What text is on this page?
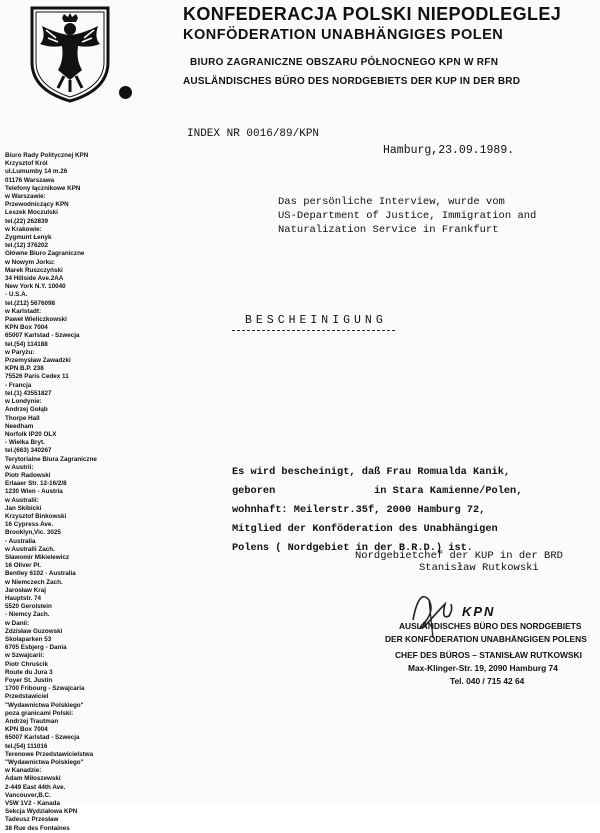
KONFEDERACJA POLSKI NIEPODLEGLEJ
KONFÖDERATION UNABHÄNGIGES POLEN
BIURO ZAGRANICZNE OBSZARU PÓŁNOCNEGO KPN W RFN
AUSLÄNDISCHES BÜRO DES NORDGEBIETS DER KUP IN DER BRD
INDEX NR 0016/89/KPN
Hamburg,23.09.1989.
Biuro Rady Politycznej KPN
Krzysztof Król
ul.Lumumby 14 m.26
01176 Warszawa
Telefony łącznikowe KPN
w Warszawie:
Przewodniczący KPN
Leszek Moczulski
tel.(22) 262839
w Krakowie:
Zygmunt Łenyk
tel.(12) 376202
Główne Biuro Zagraniczne
w Nowym Jorku:
Marek Ruszczyński
34 Hillside Ave.2AA
New York N.Y. 10040
- U.S.A.
tel.(212) 5676098
w Karlstadt:
Paweł Wieliczkowski
KPN Box 7004
65007 Karlstad - Szwecja
tel.(54) 114188
w Paryżu:
Przemysław Zawadzki
KPN B.P. 238
75526 Paris Cedex 11
- Francja
tel.(1) 43551827
w Londynie:
Andrzej Gołąb
Thorpe Hall
Needham
Norfolk IP20 OLX
- Wielka Bryt.
tel.(663) 340267
Terytorialne Biura Zagraniczne
w Austrii:
Piotr Radowski
Erlaaer Str. 12-16/2/8
1230 Wien - Austria
w Australii:
Jan Skibicki
Krzysztof Binkowski
16 Cypress Ave.
Brooklyn,Vic. 3025
- Australia
w Australii Zach.
Sławomir Mikielewicz
16 Oliver Pl.
Bentley 6102 - Australia
w Niemczech Zach.
Jarosław Kraj
Hauptstr. 74
5520 Gerolstein
- Niemcy Zach.
w Danii:
Zdzisław Guzowski
Skolaparken 53
6705 Esbjerg - Dania
w Szwajcarii:
Piotr Chruścik
Route du Jura 3
Foyer St. Justin
1700 Fribourg - Szwajcaria
Przedstawiciel
"Wydawnictwa Polskiego"
poza granicami Polski:
Andrzej Trautman
KPN Box 7004
65007 Karlstad - Szwecja
tel.(54) 111016
Terenowe Przedstawicielstwa
"Wydawnictwa Polskiego"
w Kanadzie:
Adam Miłoszewski
2-449 East 44th Ave.
Vancouver,B.C.
V5W 1V2 - Kanada
Sekcja Wydziałowa KPN
Tadeusz Przesław
38 Rue des Fontaines
Das persönliche Interview, wurde vom
US-Department of Justice, Immigration and
Naturalization Service in Frankfurt
BESCHEINIGUNG
Es wird bescheinigt, daß Frau Romualda Kanik,
geboren                in Stara Kamienne/Polen,
wohnhaft: Meilerstr.35f, 2000 Hamburg 72,
Mitglied der Konföderation des Unabhängigen
Polens ( Nordgebiet in der B.R.D.) ist.
Nordgebietchef der KUP in der BRD
Stanisław Rutkowski
KPN
AUSLÄNDISCHES BÜRO DES NORDGEBIETS
DER KONFÖDERATION UNABHÄNGIGEN POLENS
CHEF DES BÜROS – STANISŁAW RUTKOWSKI
Max-Klinger-Str. 19, 2090 Hamburg 74
Tel. 040 / 715 42 64
